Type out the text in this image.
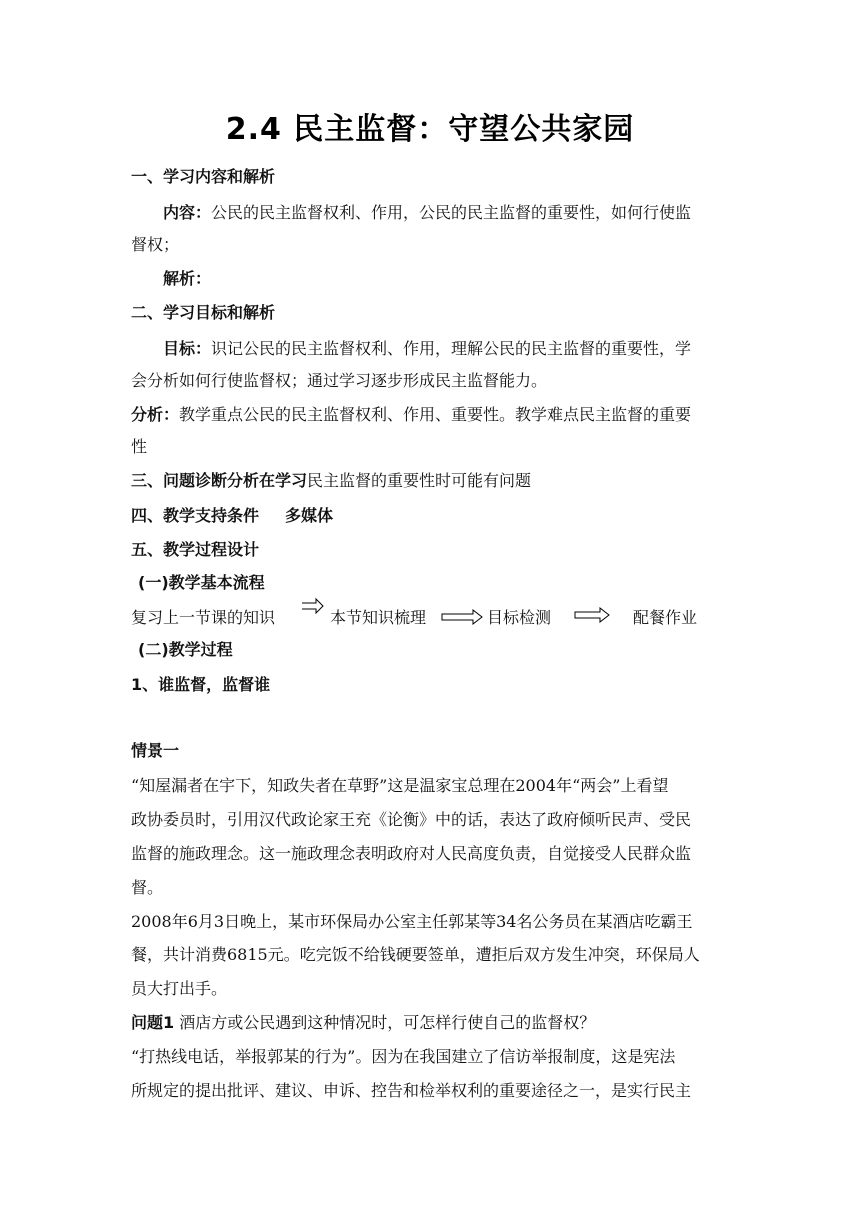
2.4 民主监督：守望公共家园
一、学习内容和解析
内容：公民的民主监督权利、作用，公民的民主监督的重要性，如何行使监
督权；
解析：
二、学习目标和解析
目标：识记公民的民主监督权利、作用，理解公民的民主监督的重要性，学
会分析如何行使监督权；通过学习逐步形成民主监督能力。
分析：教学重点公民的民主监督权利、作用、重要性。教学难点民主监督的重要
性
三、问题诊断分析在学习民主监督的重要性时可能有问题
四、教学支持条件 多媒体
五、教学过程设计
(一)教学基本流程
复习上一节课的知识	本节知识梳理	目标检测	配餐作业
(二)教学过程
1、谁监督，监督谁
情景一
“知屋漏者在宇下，知政失者在草野”这是温家宝总理在2004年“两会”上看望
政协委员时，引用汉代政论家王充《论衡》中的话，表达了政府倾听民声、受民
监督的施政理念。这一施政理念表明政府对人民高度负责，自觉接受人民群众监
督。
2008年6月3日晚上，某市环保局办公室主任郭某等34名公务员在某酒店吃霸王
餐，共计消费6815元。吃完饭不给钱硬要签单，遭拒后双方发生冲突，环保局人
员大打出手。
问题1 酒店方或公民遇到这种情况时，可怎样行使自己的监督权？
“打热线电话，举报郭某的行为”。因为在我国建立了信访举报制度，这是宪法
所规定的提出批评、建议、申诉、控告和检举权利的重要途径之一，是实行民主
